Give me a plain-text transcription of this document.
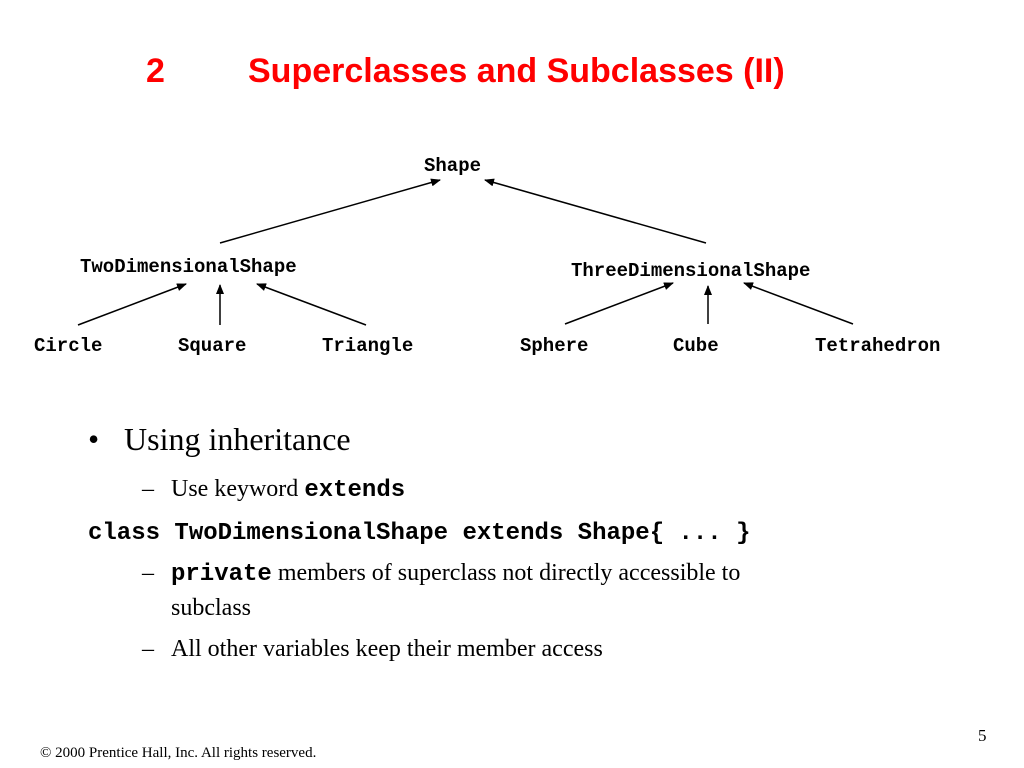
2 Superclasses and Subclasses (II)
Shape
TwoDimensionalShape	ThreeDimensionalShape
Circle	Square	Triangle	Sphere	Cube	Tetrahedron
• Using inheritance
– Use keyword extends
class TwoDimensionalShape extends Shape{ ... }
– private members of superclass not directly accessible to
subclass
– All other variables keep their member access
5
© 2000 Prentice Hall, Inc. All rights reserved.
